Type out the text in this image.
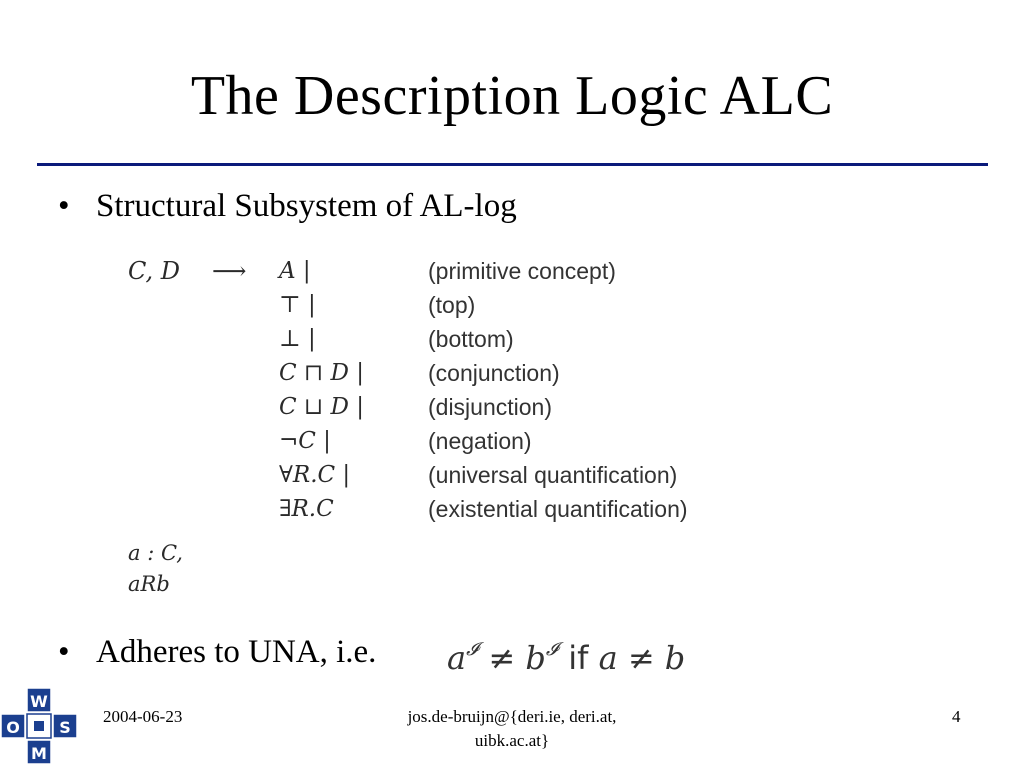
The Description Logic ALC
• Structural Subsystem of AL-log
C, D ⟶ A |	(primitive concept)
⊤ |	(top)
⊥ |	(bottom)
C ⊓ D |	(conjunction)
C ⊔ D |	(disjunction)
¬C |	(negation)
∀R.C |	(universal quantification)
∃R.C	(existential quantification)
a : C,
aRb
• Adheres to UNA, i.e. $a^𝓘 \ne b^𝓘$ if a ≠ b
2004-06-23	jos.de-bruijn@{deri.ie, deri.at,
uibk.ac.at}
4
W
S
M
O
